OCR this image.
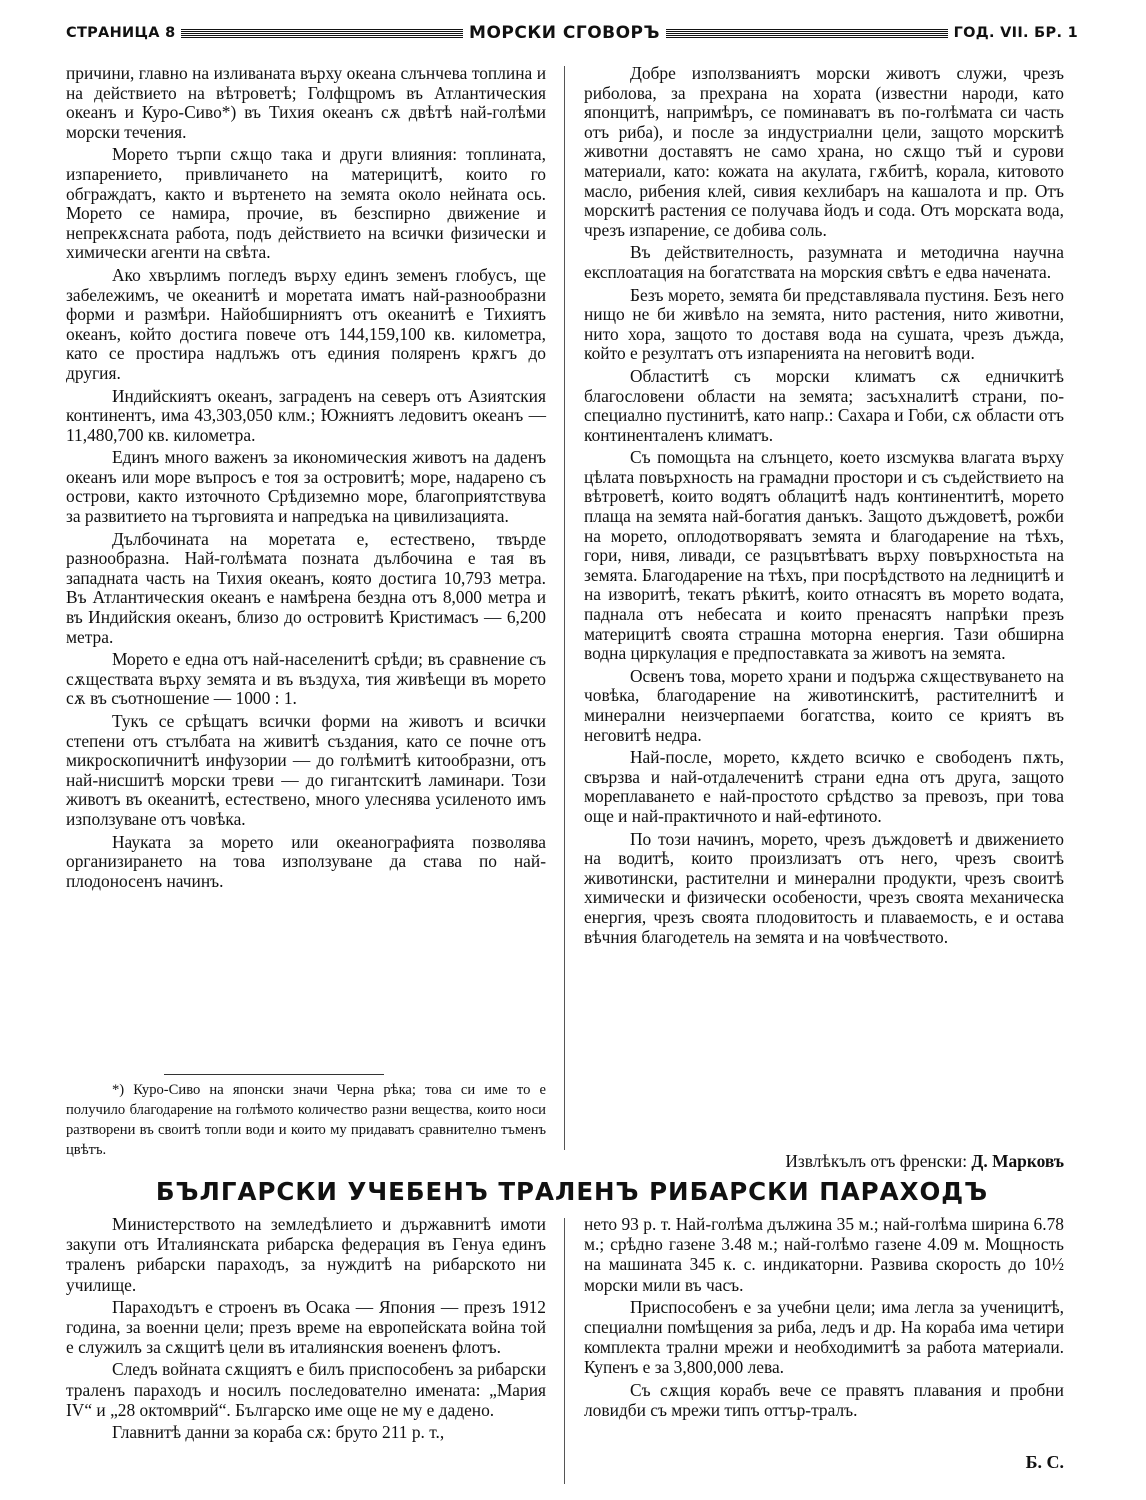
СТРАНИЦА 8	МОРСКИ СГОВОРЪ	ГОД. VII. БР. 1

причини, главно на изливаната върху океана слънчева топлина и на действието на вѣтроветѣ; Голфщромъ въ Атлантическия океанъ и Куро-Сиво*) въ Тихия океанъ сѫ двѣтѣ най-голѣми морски течения.

Морето търпи сѫщо така и други влияния: топлината, изпарението, привличането на материцитѣ, които го обграждатъ, както и въртенето на земята около нейната ось. Морето се намира, прочие, въ безспирно движение и непрекѫснатa работа, подъ действието на всички физически и химически агенти на свѣта.

Ако хвърлимъ погледъ върху единъ земенъ глобусъ, ще забележимъ, че океанитѣ и моретата иматъ най-разнообразни форми и размѣри. Найобширниятъ отъ океанитѣ е Тихиятъ океанъ, който достига повече отъ 144,159,100 кв. километра, като се простира надлъжъ отъ единия поляренъ крѫгъ до другия.

Индийскиятъ океанъ, заграденъ на северъ отъ Азиятския континентъ, има 43,303,050 клм.; Южниятъ ледовитъ океанъ — 11,480,700 кв. километра.

Единъ много важенъ за икономическия животъ на даденъ океанъ или море въпросъ е тоя за островитѣ; море, надарено съ острови, както източното Срѣдиземно море, благоприятствува за развитието на търговията и напредъка на цивилизацията.

Дълбочината на моретата е, естествено, твърде разнообразна. Най-голѣмата позната дълбочина е тая въ западната часть на Тихия океанъ, която достига 10,793 метра. Въ Атлантическия океанъ е намѣрена бездна отъ 8,000 метра и въ Индийския океанъ, близо до островитѣ Кристимасъ — 6,200 метра.

Морето е една отъ най-населенитѣ срѣди; въ сравнение съ сѫществата върху земята и въ въздуха, тия живѣещи въ морето сѫ въ съотношение — 1000 : 1.

Тукъ се срѣщатъ всички форми на животъ и всички степени отъ стълбата на живитѣ създания, като се почне отъ микроскопичнитѣ инфузории — до голѣмитѣ китообразни, отъ най-нисшитѣ морски треви — до гигантскитѣ ламинари. Този животъ въ океанитѣ, естествено, много улеснява усиленото имъ използуване отъ човѣка.

Науката за морето или океанографията позволява организирането на това използуване да става по най-плодоносенъ начинъ.

*) Куро-Сиво на японски значи Черна рѣка; това си име то е получило благодарение на голѣмото количество разни вещества, които носи разтворени въ своитѣ топли води и които му придаватъ сравнително тъменъ цвѣтъ.

Добре използваниятъ морски животъ служи, чрезъ риболова, за прехрана на хората (известни народи, като японцитѣ, напримѣръ, се поминаватъ въ по-голѣмата си часть отъ риба), и после за индустриални цели, защото морскитѣ животни доставятъ не само храна, но сѫщо тъй и сурови материали, като: кожата на акулата, гѫбитѣ, корала, китовото масло, рибения клей, сивия кехлибаръ на кашалота и пр. Отъ морскитѣ растения се получава йодъ и сода. Отъ морската вода, чрезъ изпарение, се добива соль.

Въ действителность, разумната и методична научна експлоатация на богатствата на морския свѣтъ е едва начената.

Безъ морето, земята би представлявала пустиня. Безъ него нищо не би живѣло на земята, нито растения, нито животни, нито хора, защото то доставя вода на сушата, чрезъ дъжда, който е резултатъ отъ изпаренията на неговитѣ води.

Областитѣ съ морски климатъ сѫ едничкитѣ благословени области на земята; засъхналитѣ страни, по-специално пустинитѣ, като напр.: Сахара и Гоби, сѫ области отъ континенталенъ климатъ.

Съ помощьта на слънцето, което изсмуква влагата върху цѣлата повърхность на грамадни простори и съ съдействието на вѣтроветѣ, които водятъ облацитѣ надъ континентитѣ, морето плаща на земята най-богатия данъкъ. Защото дъждоветѣ, рожби на морето, оплодотворяватъ земята и благодарение на тѣхъ, гори, нивя, ливади, се разцъвтѣватъ върху повърхностьта на земята. Благодарение на тѣхъ, при посрѣдството на ледницитѣ и на изворитѣ, текатъ рѣкитѣ, които отнасятъ въ морето водата, паднала отъ небесата и които пренасятъ напрѣки презъ материцитѣ своята страшна моторна енергия. Тази обширна водна циркулация е предпоставката за животъ на земята.

Освенъ това, морето храни и подържа сѫществуването на човѣка, благодарение на животинскитѣ, растителнитѣ и минерални неизчерпаеми богатства, които се криятъ въ неговитѣ недра.

Най-после, морето, кѫдето всичко е свободенъ пѫть, свързва и най-отдалеченитѣ страни една отъ друга, защото мореплаването е най-простото срѣдство за превозъ, при това още и най-практичното и най-ефтиното.

По този начинъ, морето, чрезъ дъждоветѣ и движението на водитѣ, които произлизатъ отъ него, чрезъ своитѣ животински, растителни и минерални продукти, чрезъ своитѣ химически и физически особености, чрезъ своята механическа енергия, чрезъ своята плодовитость и плаваемость, е и остава вѣчния благодетель на земята и на човѣчеството.

Извлѣкълъ отъ френски: Д. Марковъ
БЪЛГАРСКИ УЧЕБЕНЪ ТРАЛЕНЪ РИБАРСКИ ПАРАХОДЪ

Министерството на земледѣлието и държавнитѣ имоти закупи отъ Италиянската рибарска федерация въ Генуа единъ траленъ рибарски параходъ, за нуждитѣ на рибарското ни училище.

Параходътъ е строенъ въ Осака — Япония — презъ 1912 година, за военни цели; презъ време на европейската война той е служилъ за сѫщитѣ цели въ италиянския воененъ флотъ.

Следъ войната сѫщиятъ е билъ приспособенъ за рибарски траленъ параходъ и носилъ последователно имената: „Мария IV“ и „28 октомврий“. Българско име още не му е дадено.

Главнитѣ данни за кораба сѫ: бруто 211 р. т.,

нето 93 р. т. Най-голѣма дължина 35 м.; най-голѣма ширина 6.78 м.; срѣдно газене 3.48 м.; най-голѣмо газене 4.09 м. Мощность на машината 345 к. с. индикаторни. Развива скорость до 10½ морски мили въ часъ.

Приспособенъ е за учебни цели; има легла за ученицитѣ, специални помѣщения за риба, ледъ и др. На кораба има четири комплекта трални мрежи и необходимитѣ за работа материали. Купенъ е за 3,800,000 лева.

Съ сѫщия корабъ вече се правятъ плавания и пробни ловидби съ мрежи типъ оттър-тралъ.

Б. С.
